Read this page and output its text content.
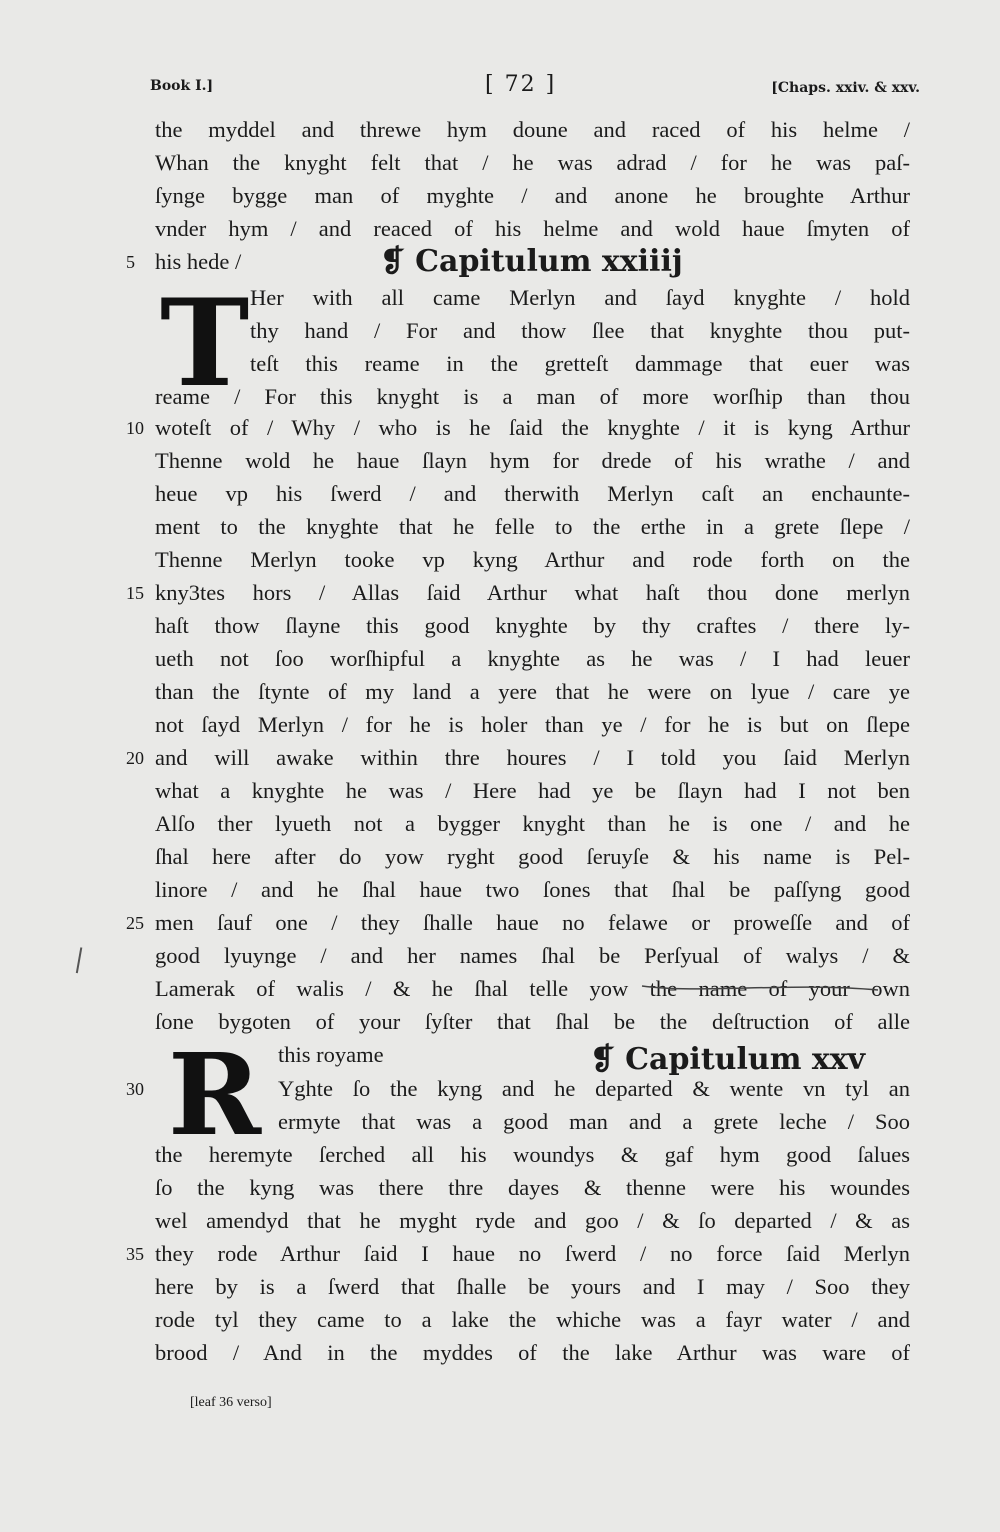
Book I.]	[ 72 ]	[Chaps. xxiv. & xxv.
the myddel and threwe hym doune and raced of his helme /
Whan the knyght felt that / he was adrad / for he was paſ-
ſynge bygge man of myghte / and anone he broughte Arthur
vnder hym / and reaced of his helme and wold haue ſmyten of
5 his hede /	❡ Capitulum xxiiij
T Her with all came Merlyn and ſayd knyghte / hold
thy hand / For and thow ſlee that knyghte thou put-
teſt this reame in the gretteſt dammage that euer was
reame / For this knyght is a man of more worſhip than thou
10 woteſt of / Why / who is he ſaid the knyghte / it is kyng Arthur
Thenne wold he haue ſlayn hym for drede of his wrathe / and
heue vp his ſwerd / and therwith Merlyn caſt an enchaunte-
ment to the knyghte that he felle to the erthe in a grete ſlepe /
Thenne Merlyn tooke vp kyng Arthur and rode forth on the
15 kny3tes hors / Allas ſaid Arthur what haſt thou done merlyn
haſt thow ſlayne this good knyghte by thy craftes / there ly-
ueth not ſoo worſhipful a knyghte as he was / I had leuer
than the ſtynte of my land a yere that he were on lyue / care ye
not ſayd Merlyn / for he is holer than ye / for he is but on ſlepe
20 and will awake within thre houres / I told you ſaid Merlyn
what a knyghte he was / Here had ye be ſlayn had I not ben
Alſo ther lyueth not a bygger knyght than he is one / and he
ſhal here after do yow ryght good ſeruyſe & his name is Pel-
linore / and he ſhal haue two ſones that ſhal be paſſyng good
25 men ſauf one / they ſhalle haue no felawe or proweſſe and of
good lyuynge / and her names ſhal be Perſyual of walys / &
Lamerak of walis / & he ſhal telle yow the name of your own
ſone bygoten of your ſyſter that ſhal be the deſtruction of alle
R this royame	❡ Capitulum xxv
30	Yghte ſo the kyng and he departed & wente vn tyl an
ermyte that was a good man and a grete leche / Soo
the heremyte ſerched all his woundys & gaf hym good ſalues
ſo the kyng was there thre dayes & thenne were his woundes
wel amendyd that he myght ryde and goo / & ſo departed / & as
35 they rode Arthur ſaid I haue no ſwerd / no force ſaid Merlyn
here by is a ſwerd that ſhalle be yours and I may / Soo they
rode tyl they came to a lake the whiche was a fayr water / and
brood / And in the myddes of the lake Arthur was ware of
[leaf 36 verso]
